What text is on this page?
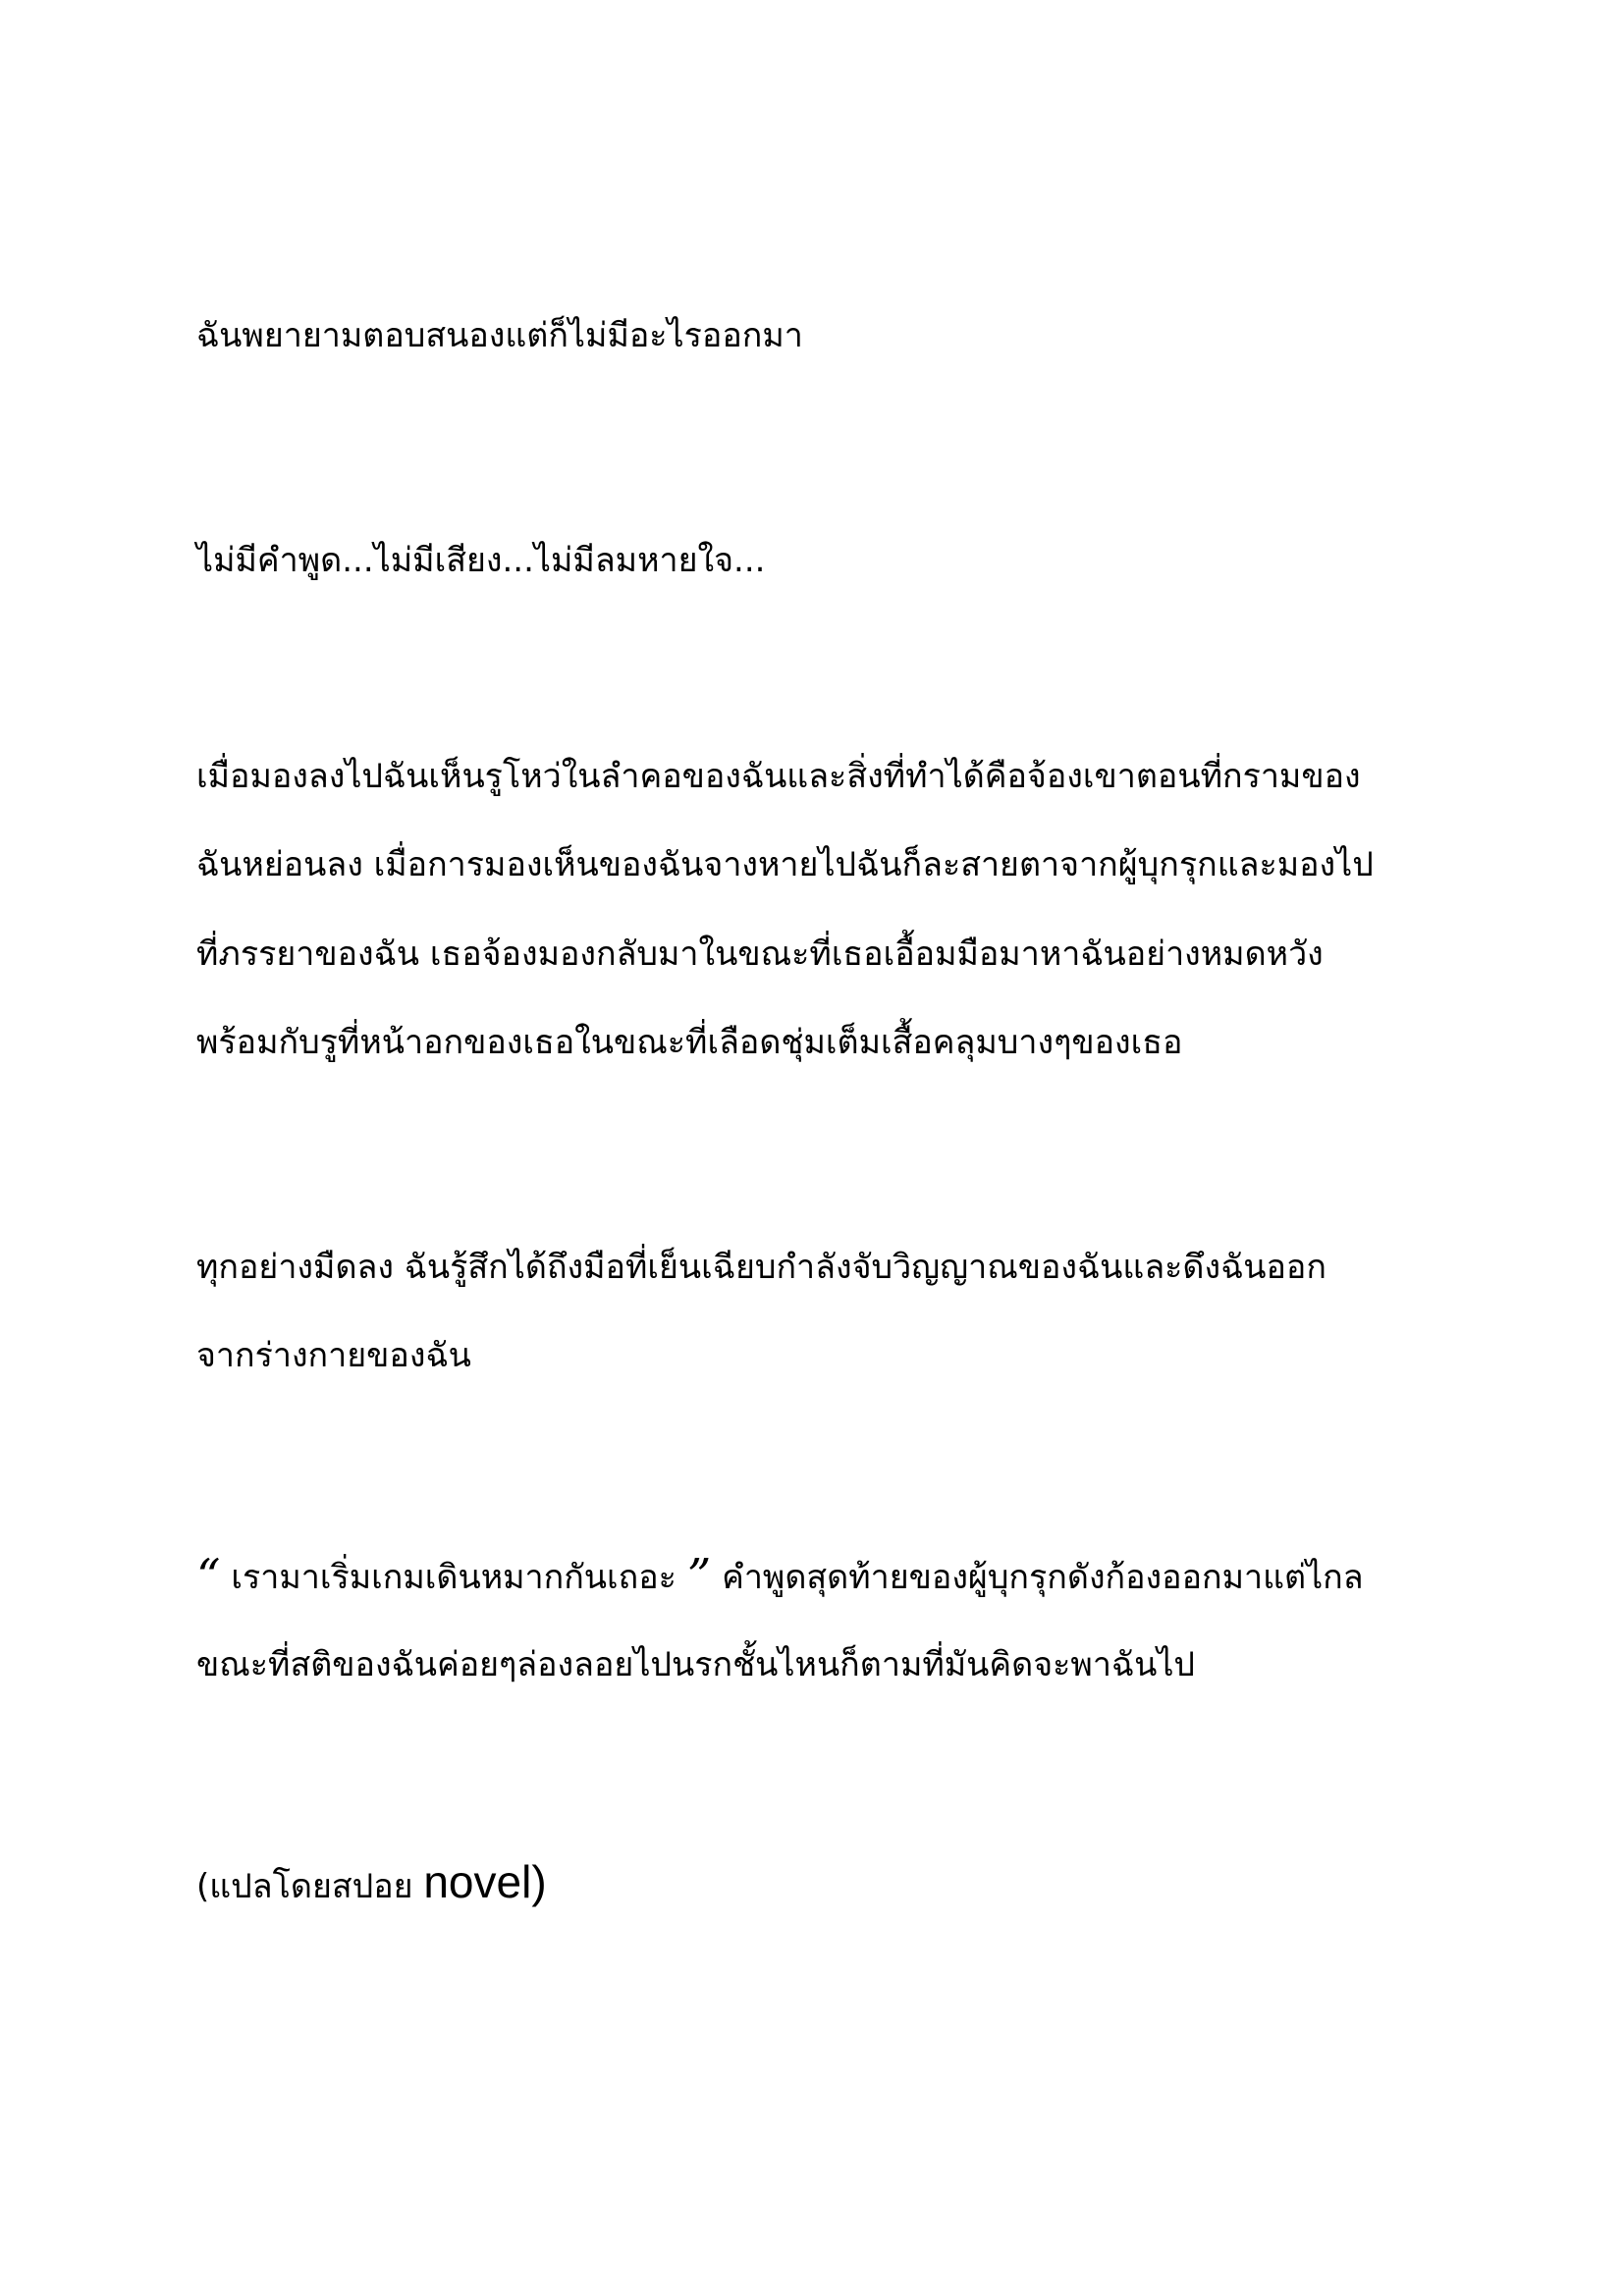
ฉันพยายามตอบสนองแต่ก็ไม่มีอะไรออกมา
ไม่มีคำพูด...ไม่มีเสียง...ไม่มีลมหายใจ...
เมื่อมองลงไปฉันเห็นรูโหว่ในลำคอของฉันและสิ่งที่ทำได้คือจ้องเขาตอนที่กรามของ
ฉันหย่อนลง เมื่อการมองเห็นของฉันจางหายไปฉันก็ละสายตาจากผู้บุกรุกและมองไป
ที่ภรรยาของฉัน เธอจ้องมองกลับมาในขณะที่เธอเอื้อมมือมาหาฉันอย่างหมดหวัง
พร้อมกับรูที่หน้าอกของเธอในขณะที่เลือดชุ่มเต็มเสื้อคลุมบางๆของเธอ
ทุกอย่างมืดลง ฉันรู้สึกได้ถึงมือที่เย็นเฉียบกำลังจับวิญญาณของฉันและดึงฉันออก
จากร่างกายของฉัน
“ เรามาเริ่มเกมเดินหมากกันเถอะ ” คำพูดสุดท้ายของผู้บุกรุกดังก้องออกมาแต่ไกล
ขณะที่สติของฉันค่อยๆล่องลอยไปนรกชั้นไหนก็ตามที่มันคิดจะพาฉันไป
(แปลโดยสปอย novel)
